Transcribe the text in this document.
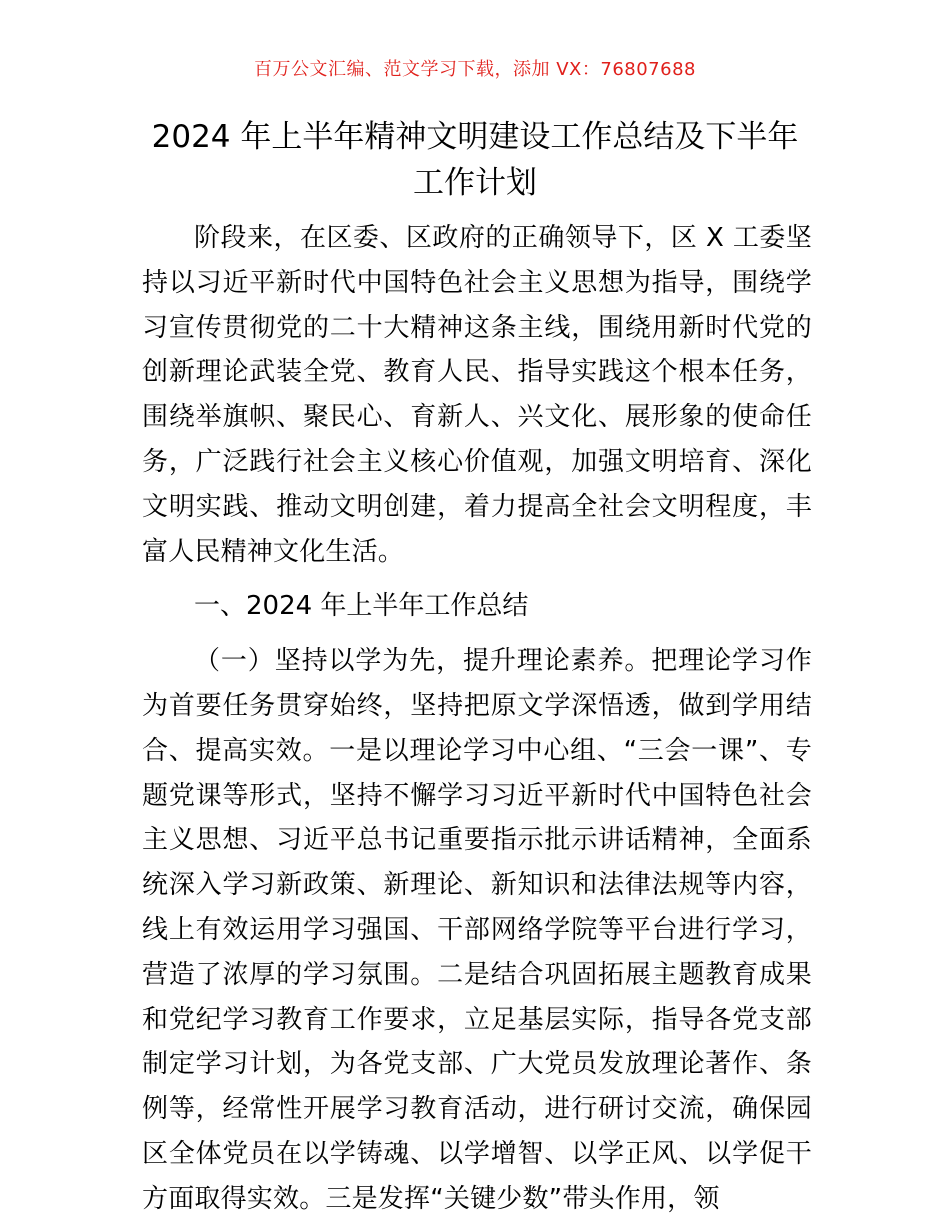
百万公文汇编、范文学习下载，添加 VX：76807688
2024 年上半年精神文明建设工作总结及下半年
工作计划

阶段来，在区委、区政府的正确领导下，区 X 工委坚持以习近平新时代中国特色社会主义思想为指导，围绕学习宣传贯彻党的二十大精神这条主线，围绕用新时代党的创新理论武装全党、教育人民、指导实践这个根本任务，围绕举旗帜、聚民心、育新人、兴文化、展形象的使命任务，广泛践行社会主义核心价值观，加强文明培育、深化文明实践、推动文明创建，着力提高全社会文明程度，丰富人民精神文化生活。

一、2024 年上半年工作总结

（一）坚持以学为先，提升理论素养。把理论学习作为首要任务贯穿始终，坚持把原文学深悟透，做到学用结合、提高实效。一是以理论学习中心组、“三会一课”、专题党课等形式，坚持不懈学习习近平新时代中国特色社会主义思想、习近平总书记重要指示批示讲话精神，全面系统深入学习新政策、新理论、新知识和法律法规等内容，线上有效运用学习强国、干部网络学院等平台进行学习，营造了浓厚的学习氛围。二是结合巩固拓展主题教育成果和党纪学习教育工作要求，立足基层实际，指导各党支部制定学习计划，为各党支部、广大党员发放理论著作、条例等，经常性开展学习教育活动，进行研讨交流，确保园区全体党员在以学铸魂、以学增智、以学正风、以学促干方面取得实效。三是发挥“关键少数”带头作用，领
